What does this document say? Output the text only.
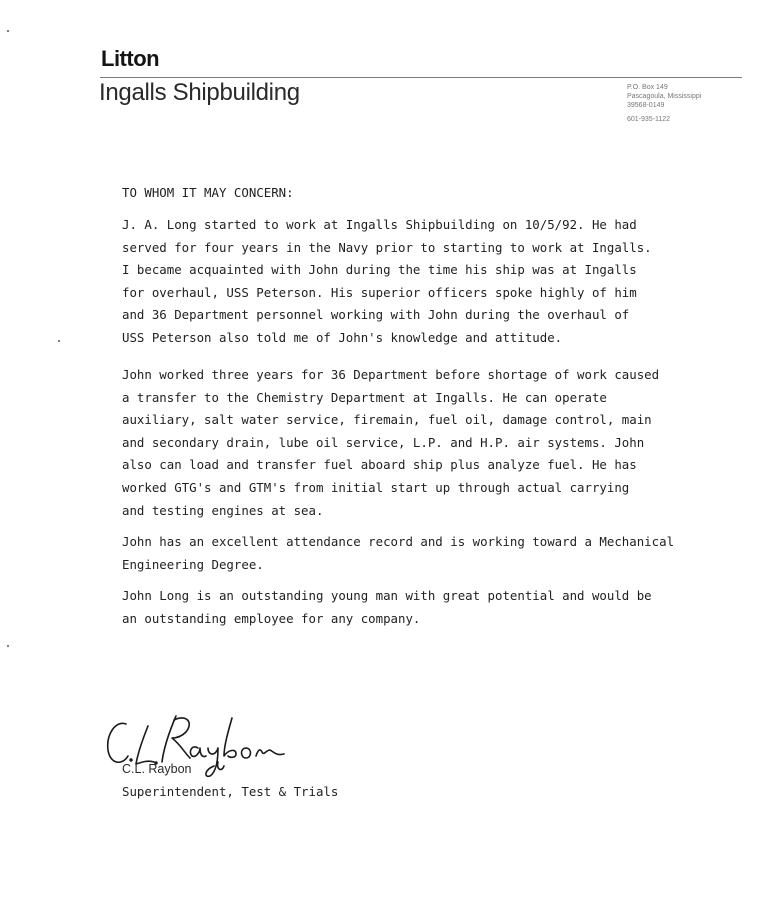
Litton
Ingalls Shipbuilding	P.O. Box 149
Pascagoula, Mississippi
39568-0149
601-935-1122
TO WHOM IT MAY CONCERN:
J. A. Long started to work at Ingalls Shipbuilding on 10/5/92. He had
served for four years in the Navy prior to starting to work at Ingalls.
I became acquainted with John during the time his ship was at Ingalls
for overhaul, USS Peterson. His superior officers spoke highly of him
and 36 Department personnel working with John during the overhaul of
USS Peterson also told me of John's knowledge and attitude.
John worked three years for 36 Department before shortage of work caused
a transfer to the Chemistry Department at Ingalls. He can operate
auxiliary, salt water service, firemain, fuel oil, damage control, main
and secondary drain, lube oil service, L.P. and H.P. air systems. John
also can load and transfer fuel aboard ship plus analyze fuel. He has
worked GTG's and GTM's from initial start up through actual carrying
and testing engines at sea.
John has an excellent attendance record and is working toward a Mechanical
Engineering Degree.
John Long is an outstanding young man with great potential and would be
an outstanding employee for any company.
C.L. Raybon
Superintendent, Test & Trials
